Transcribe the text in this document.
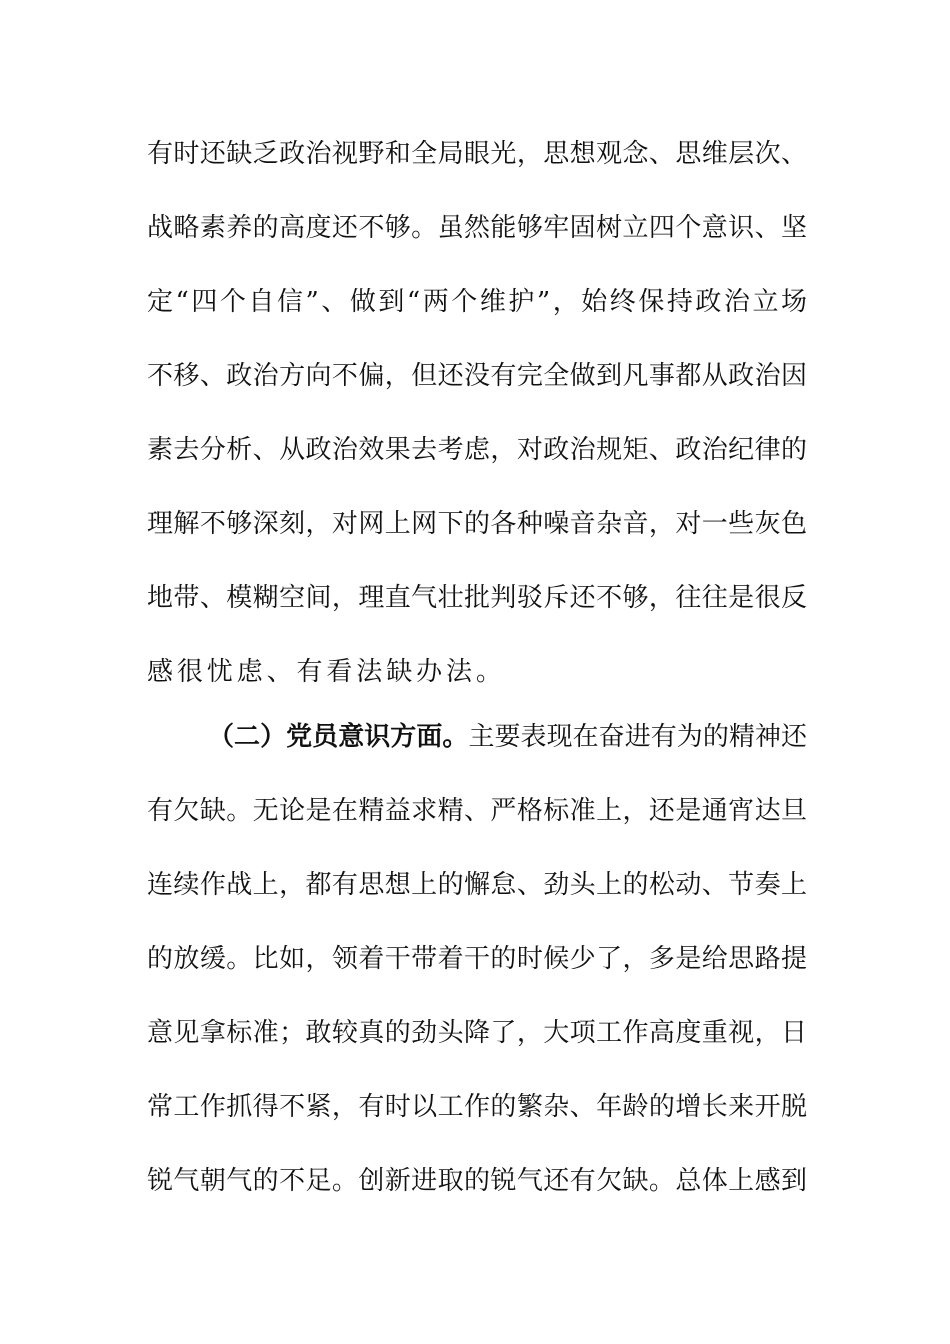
有时还缺乏政治视野和全局眼光，思想观念、思维层次、
战略素养的高度还不够。虽然能够牢固树立四个意识、坚
定“四个自信”、做到“两个维护”，始终保持政治立场
不移、政治方向不偏，但还没有完全做到凡事都从政治因
素去分析、从政治效果去考虑，对政治规矩、政治纪律的
理解不够深刻，对网上网下的各种噪音杂音，对一些灰色
地带、模糊空间，理直气壮批判驳斥还不够，往往是很反
感很忧虑、有看法缺办法。
（二）党员意识方面。主要表现在奋进有为的精神还
有欠缺。无论是在精益求精、严格标准上，还是通宵达旦
连续作战上，都有思想上的懈怠、劲头上的松动、节奏上
的放缓。比如，领着干带着干的时候少了，多是给思路提
意见拿标准；敢较真的劲头降了，大项工作高度重视，日
常工作抓得不紧，有时以工作的繁杂、年龄的增长来开脱
锐气朝气的不足。创新进取的锐气还有欠缺。总体上感到
